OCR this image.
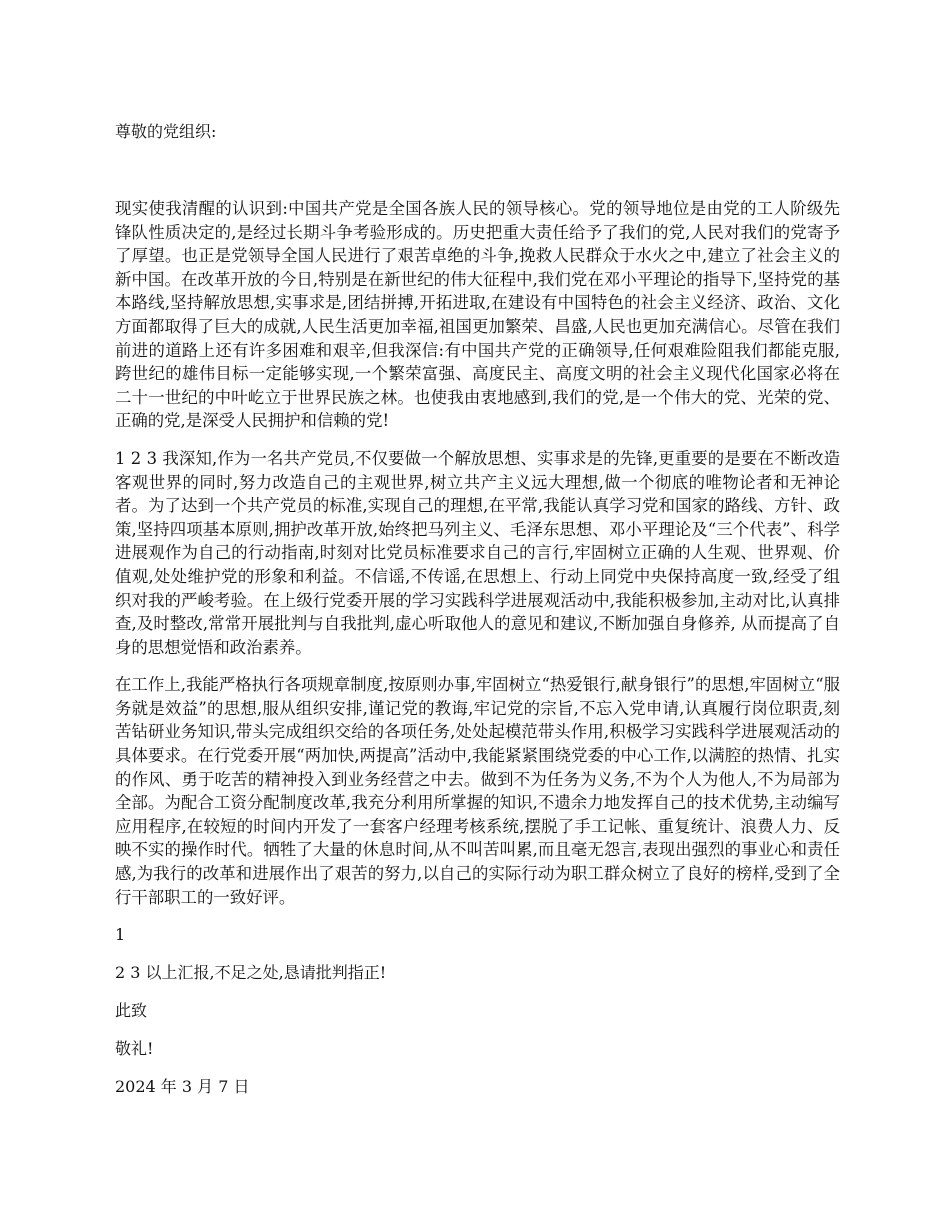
尊敬的党组织:

现实使我清醒的认识到:中国共产党是全国各族人民的领导核心。党的领导地位是由党的工人阶级先锋队性质决定的,是经过长期斗争考验形成的。历史把重大责任给予了我们的党,人民对我们的党寄予了厚望。也正是党领导全国人民进行了艰苦卓绝的斗争,挽救人民群众于水火之中,建立了社会主义的新中国。在改革开放的今日,特别是在新世纪的伟大征程中,我们党在邓小平理论的指导下,坚持党的基本路线,坚持解放思想,实事求是,团结拼搏,开拓进取,在建设有中国特色的社会主义经济、政治、文化方面都取得了巨大的成就,人民生活更加幸福,祖国更加繁荣、昌盛,人民也更加充满信心。尽管在我们前进的道路上还有许多困难和艰辛,但我深信:有中国共产党的正确领导,任何艰难险阻我们都能克服,跨世纪的雄伟目标一定能够实现,一个繁荣富强、高度民主、高度文明的社会主义现代化国家必将在二十一世纪的中叶屹立于世界民族之林。也使我由衷地感到,我们的党,是一个伟大的党、光荣的党、正确的党,是深受人民拥护和信赖的党!

1 2 3 我深知,作为一名共产党员,不仅要做一个解放思想、实事求是的先锋,更重要的是要在不断改造客观世界的同时,努力改造自己的主观世界,树立共产主义远大理想,做一个彻底的唯物论者和无神论者。为了达到一个共产党员的标准,实现自己的理想,在平常,我能认真学习党和国家的路线、方针、政策,坚持四项基本原则,拥护改革开放,始终把马列主义、毛泽东思想、邓小平理论及“三个代表”、科学进展观作为自己的行动指南,时刻对比党员标准要求自己的言行,牢固树立正确的人生观、世界观、价值观,处处维护党的形象和利益。不信谣,不传谣,在思想上、行动上同党中央保持高度一致,经受了组织对我的严峻考验。在上级行党委开展的学习实践科学进展观活动中,我能积极参加,主动对比,认真排查,及时整改,常常开展批判与自我批判,虚心听取他人的意见和建议,不断加强自身修养, 从而提高了自身的思想觉悟和政治素养。

在工作上,我能严格执行各项规章制度,按原则办事,牢固树立“热爱银行,献身银行”的思想,牢固树立“服务就是效益”的思想,服从组织安排,谨记党的教诲,牢记党的宗旨,不忘入党申请,认真履行岗位职责,刻苦钻研业务知识,带头完成组织交给的各项任务,处处起模范带头作用,积极学习实践科学进展观活动的具体要求。在行党委开展“两加快,两提高”活动中,我能紧紧围绕党委的中心工作,以满腔的热情、扎实的作风、勇于吃苦的精神投入到业务经营之中去。做到不为任务为义务,不为个人为他人,不为局部为全部。为配合工资分配制度改革,我充分利用所掌握的知识,不遗余力地发挥自己的技术优势,主动编写应用程序,在较短的时间内开发了一套客户经理考核系统,摆脱了手工记帐、重复统计、浪费人力、反映不实的操作时代。牺牲了大量的休息时间,从不叫苦叫累,而且毫无怨言,表现出强烈的事业心和责任感,为我行的改革和进展作出了艰苦的努力,以自己的实际行动为职工群众树立了良好的榜样,受到了全行干部职工的一致好评。

1

2 3 以上汇报,不足之处,恳请批判指正!

此致

敬礼!

2024 年 3 月 7 日
